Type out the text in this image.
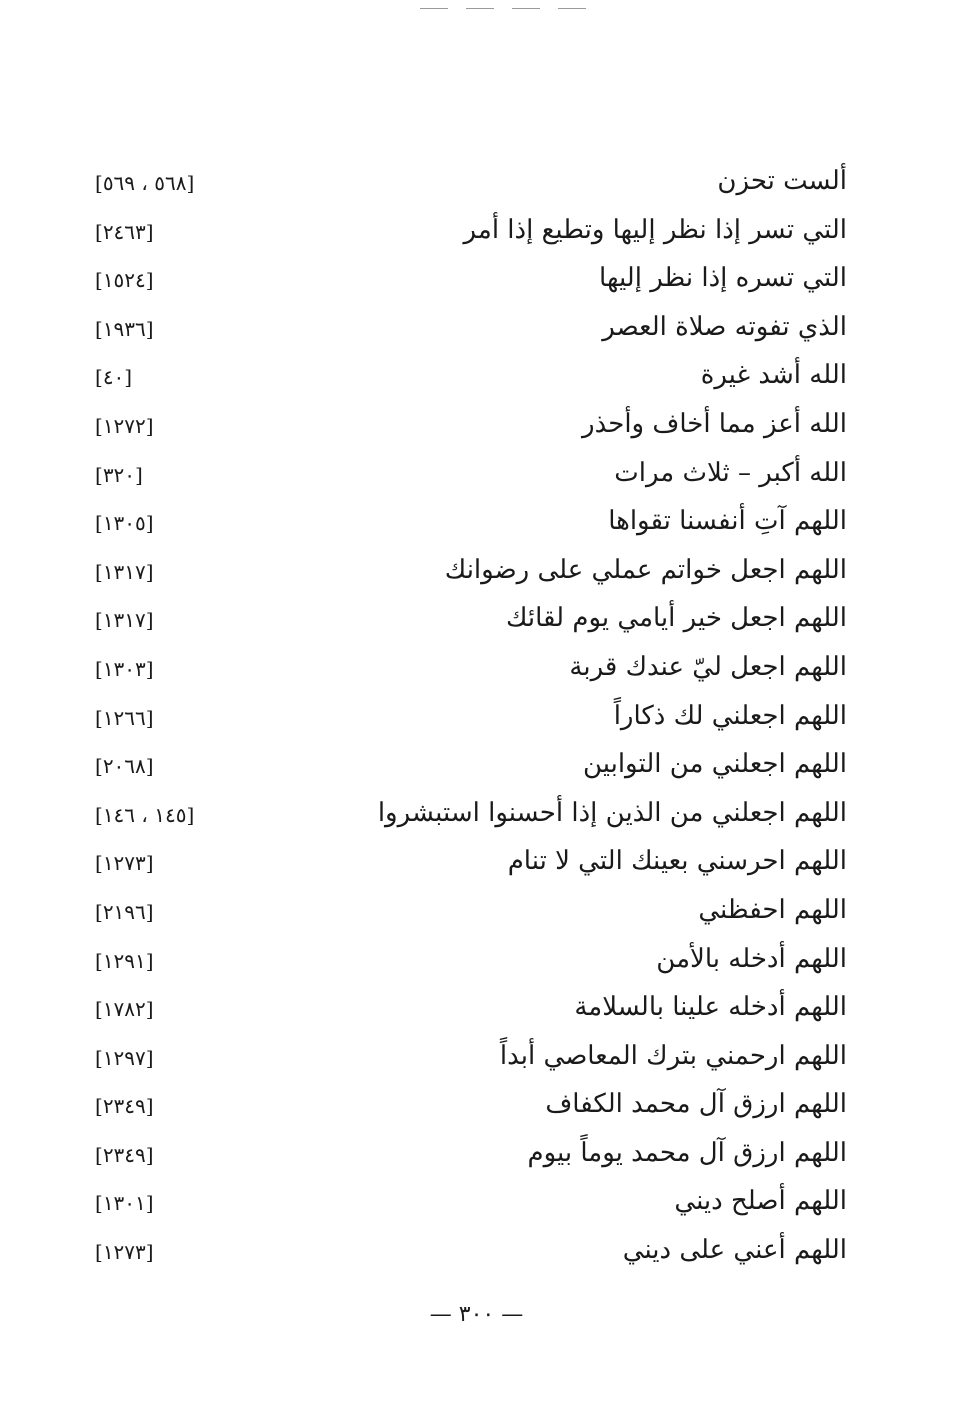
ألست تحزن
[٥٦٨ ، ٥٦٩]
التي تسر إذا نظر إليها وتطيع إذا أمر
[٢٤٦٣]
التي تسره إذا نظر إليها
[١٥٢٤]
الذي تفوته صلاة العصر
[١٩٣٦]
الله أشد غيرة
[٤٠]
الله أعز مما أخاف وأحذر
[١٢٧٢]
الله أكبر – ثلاث مرات
[٣٢٠]
اللهم آتِ أنفسنا تقواها
[١٣٠٥]
اللهم اجعل خواتم عملي على رضوانك
[١٣١٧]
اللهم اجعل خير أيامي يوم لقائك
[١٣١٧]
اللهم اجعل ليّ عندك قربة
[١٣٠٣]
اللهم اجعلني لك ذكاراً
[١٢٦٦]
اللهم اجعلني من التوابين
[٢٠٦٨]
اللهم اجعلني من الذين إذا أحسنوا استبشروا
[١٤٥ ، ١٤٦]
اللهم احرسني بعينك التي لا تنام
[١٢٧٣]
اللهم احفظني
[٢١٩٦]
اللهم أدخله بالأمن
[١٢٩١]
اللهم أدخله علينا بالسلامة
[١٧٨٢]
اللهم ارحمني بترك المعاصي أبداً
[١٢٩٧]
اللهم ارزق آل محمد الكفاف
[٢٣٤٩]
اللهم ارزق آل محمد يوماً بيوم
[٢٣٤٩]
اللهم أصلح ديني
[١٣٠١]
اللهم أعني على ديني
[١٢٧٣]
— ٣٠٠ —
